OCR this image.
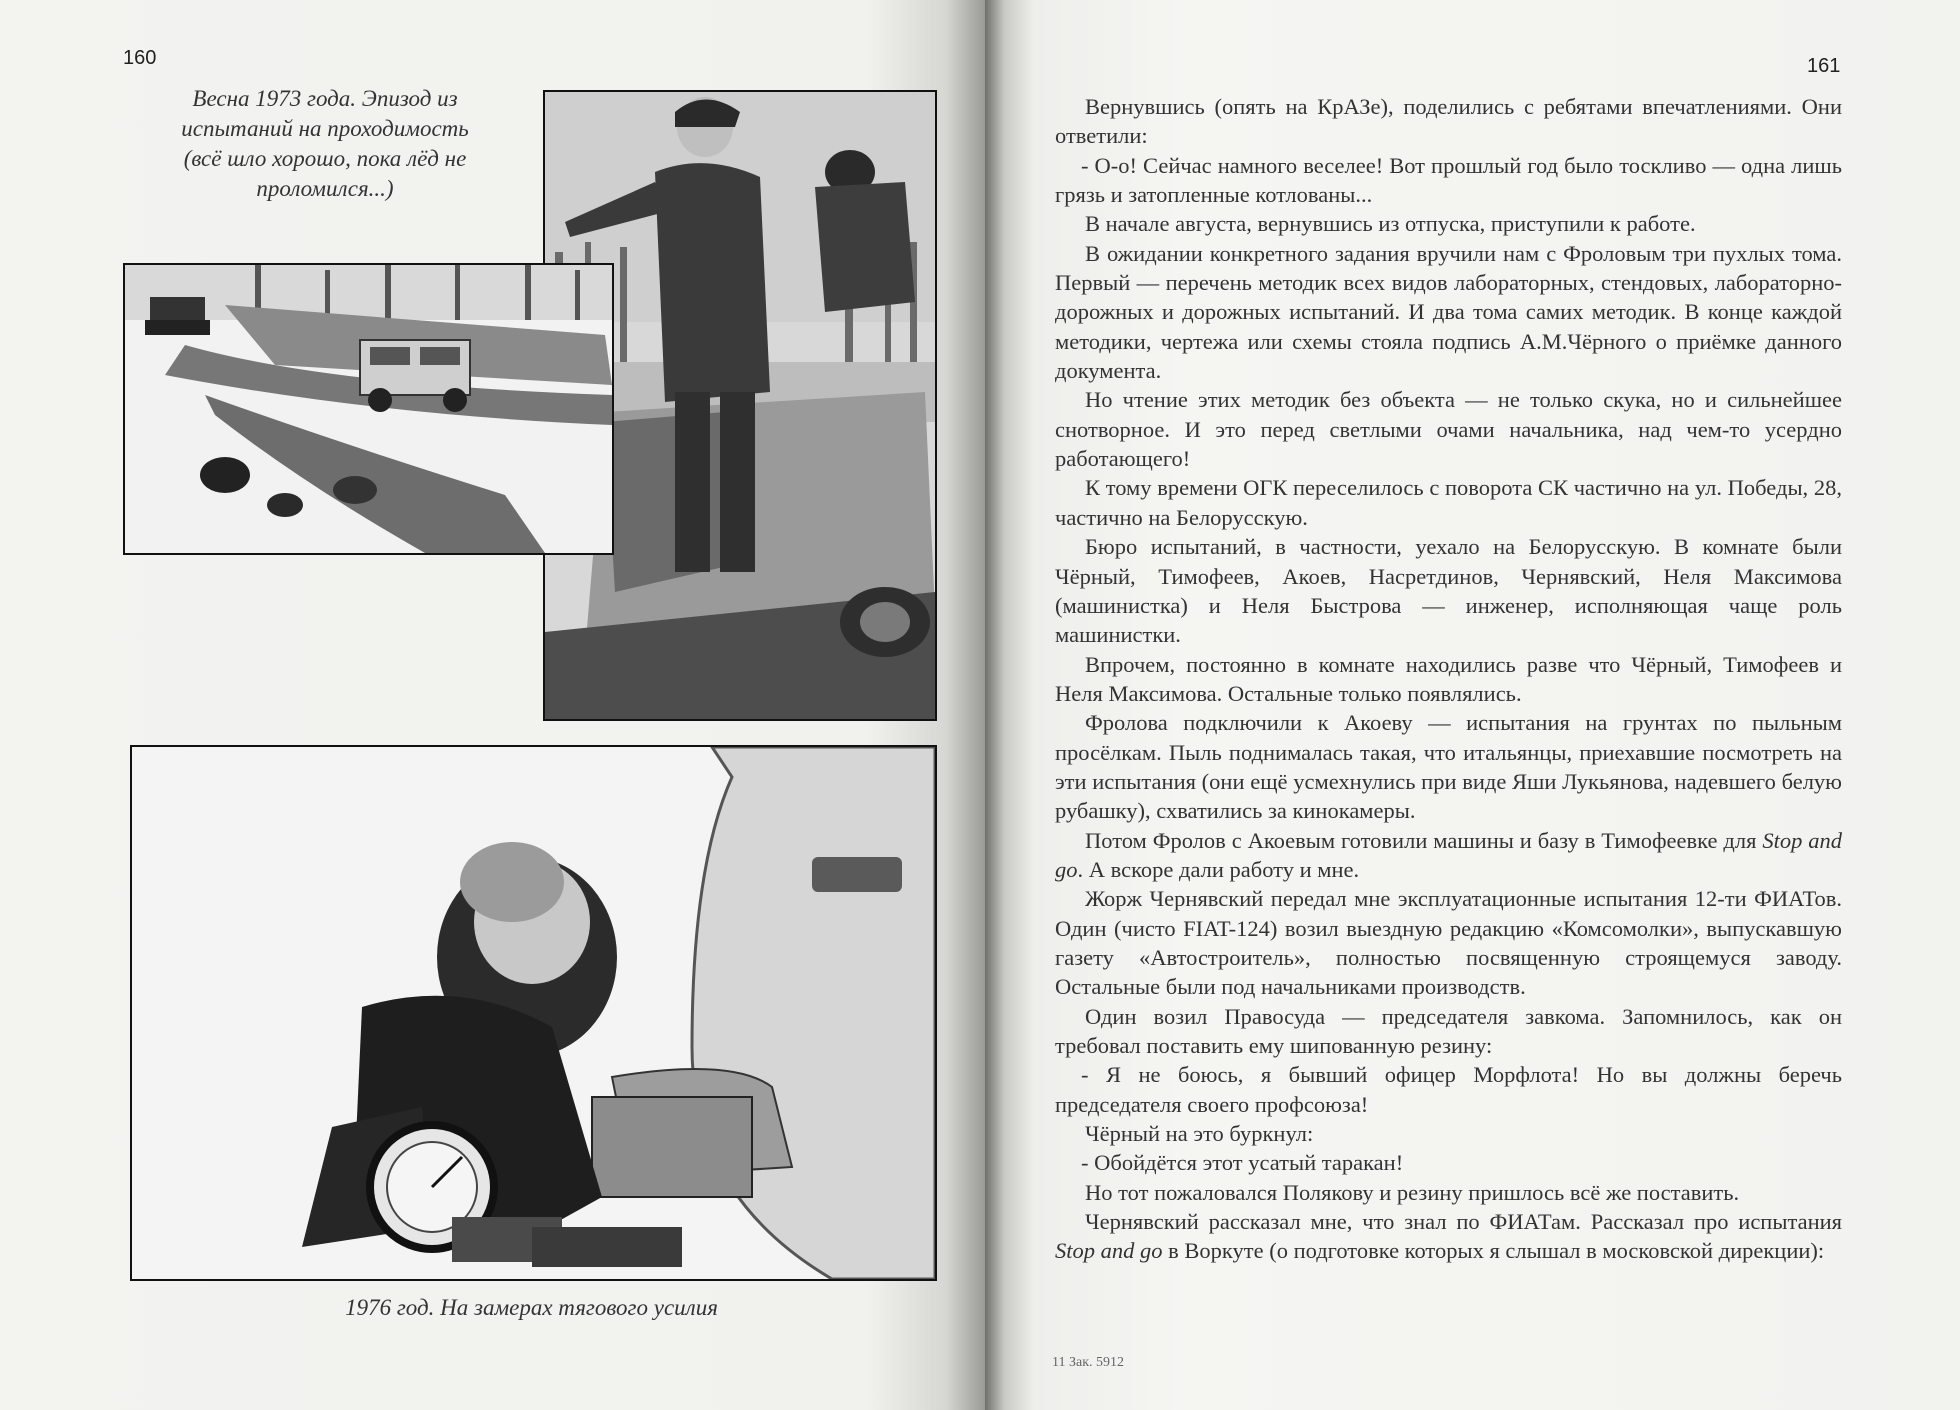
160
Весна 1973 года. Эпизод из испытаний на проходимость (всё шло хорошо, пока лёд не проломился...)
1976 год. На замерах тягового усилия
161

Вернувшись (опять на КрАЗе), поделились с ребятами впечатлениями. Они ответили:

- О-о! Сейчас намного веселее! Вот прошлый год было тоскливо — одна лишь грязь и затопленные котлованы...

В начале августа, вернувшись из отпуска, приступили к работе.

В ожидании конкретного задания вручили нам с Фроловым три пухлых тома. Первый — перечень методик всех видов лабораторных, стендовых, лабораторно-дорожных и дорожных испытаний. И два тома самих методик. В конце каждой методики, чертежа или схемы стояла подпись А.М.Чёрного о приёмке данного документа.

Но чтение этих методик без объекта — не только скука, но и сильнейшее снотворное. И это перед светлыми очами начальника, над чем-то усердно работающего!

К тому времени ОГК переселилось с поворота СК частично на ул. Победы, 28, частично на Белорусскую.

Бюро испытаний, в частности, уехало на Белорусскую. В комнате были Чёрный, Тимофеев, Акоев, Насретдинов, Чернявский, Неля Максимова (машинистка) и Неля Быстрова — инженер, исполняющая чаще роль машинистки.

Впрочем, постоянно в комнате находились разве что Чёрный, Тимофеев и Неля Максимова. Остальные только появлялись.

Фролова подключили к Акоеву — испытания на грунтах по пыльным просёлкам. Пыль поднималась такая, что итальянцы, приехавшие посмотреть на эти испытания (они ещё усмехнулись при виде Яши Лукьянова, надевшего белую рубашку), схватились за кинокамеры.

Потом Фролов с Акоевым готовили машины и базу в Тимофеевке для Stop and go. А вскоре дали работу и мне.

Жорж Чернявский передал мне эксплуатационные испытания 12-ти ФИАТов. Один (чисто FIAT-124) возил выездную редакцию «Комсомолки», выпускавшую газету «Автостроитель», полностью посвященную строящемуся заводу. Остальные были под начальниками производств.

Один возил Правосуда — председателя завкома. Запомнилось, как он требовал поставить ему шипованную резину:

- Я не боюсь, я бывший офицер Морфлота! Но вы должны беречь председателя своего профсоюза!

Чёрный на это буркнул:

- Обойдётся этот усатый таракан!

Но тот пожаловался Полякову и резину пришлось всё же поставить.

Чернявский рассказал мне, что знал по ФИАТам. Рассказал про испытания Stop and go в Воркуте (о подготовке которых я слышал в московской дирекции):

11 Зак. 5912
